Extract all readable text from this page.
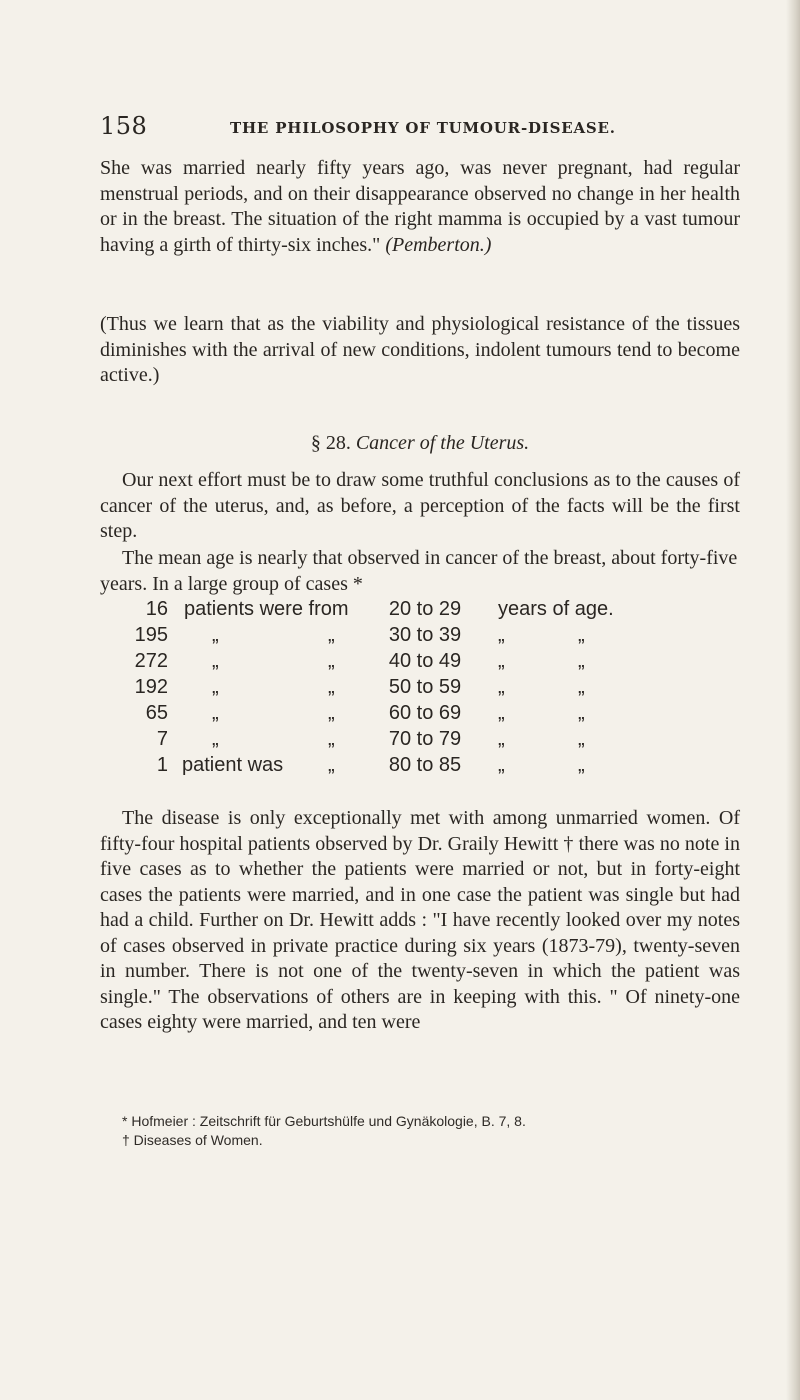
158	THE PHILOSOPHY OF TUMOUR-DISEASE.

She was married nearly fifty years ago, was never pregnant, had regular menstrual periods, and on their disappearance observed no change in her health or in the breast. The situation of the right mamma is occupied by a vast tumour having a girth of thirty-six inches." (Pemberton.)

(Thus we learn that as the viability and physiological resistance of the tissues diminishes with the arrival of new conditions, indolent tumours tend to become active.)

§ 28. Cancer of the Uterus.

Our next effort must be to draw some truthful conclusions as to the causes of cancer of the uterus, and, as before, a perception of the facts will be the first step.

The mean age is nearly that observed in cancer of the breast, about forty-five years. In a large group of cases *
16 patients were from	20 to 29	years of age.
195 „	„	30 to 39	„	„
272 „	„	40 to 49	„	„
192 „	„	50 to 59	„	„
65 „	„	60 to 69	„	„
7 „	„	70 to 79	„	„
1 patient was „	80 to 85	„	„

The disease is only exceptionally met with among unmarried women. Of fifty-four hospital patients observed by Dr. Graily Hewitt † there was no note in five cases as to whether the patients were married or not, but in forty-eight cases the patients were married, and in one case the patient was single but had had a child. Further on Dr. Hewitt adds : "I have recently looked over my notes of cases observed in private practice during six years (1873-79), twenty-seven in number. There is not one of the twenty-seven in which the patient was single." The observations of others are in keeping with this. " Of ninety-one cases eighty were married, and ten were

* Hofmeier : Zeitschrift für Geburtshülfe und Gynäkologie, B. 7, 8.
† Diseases of Women.
